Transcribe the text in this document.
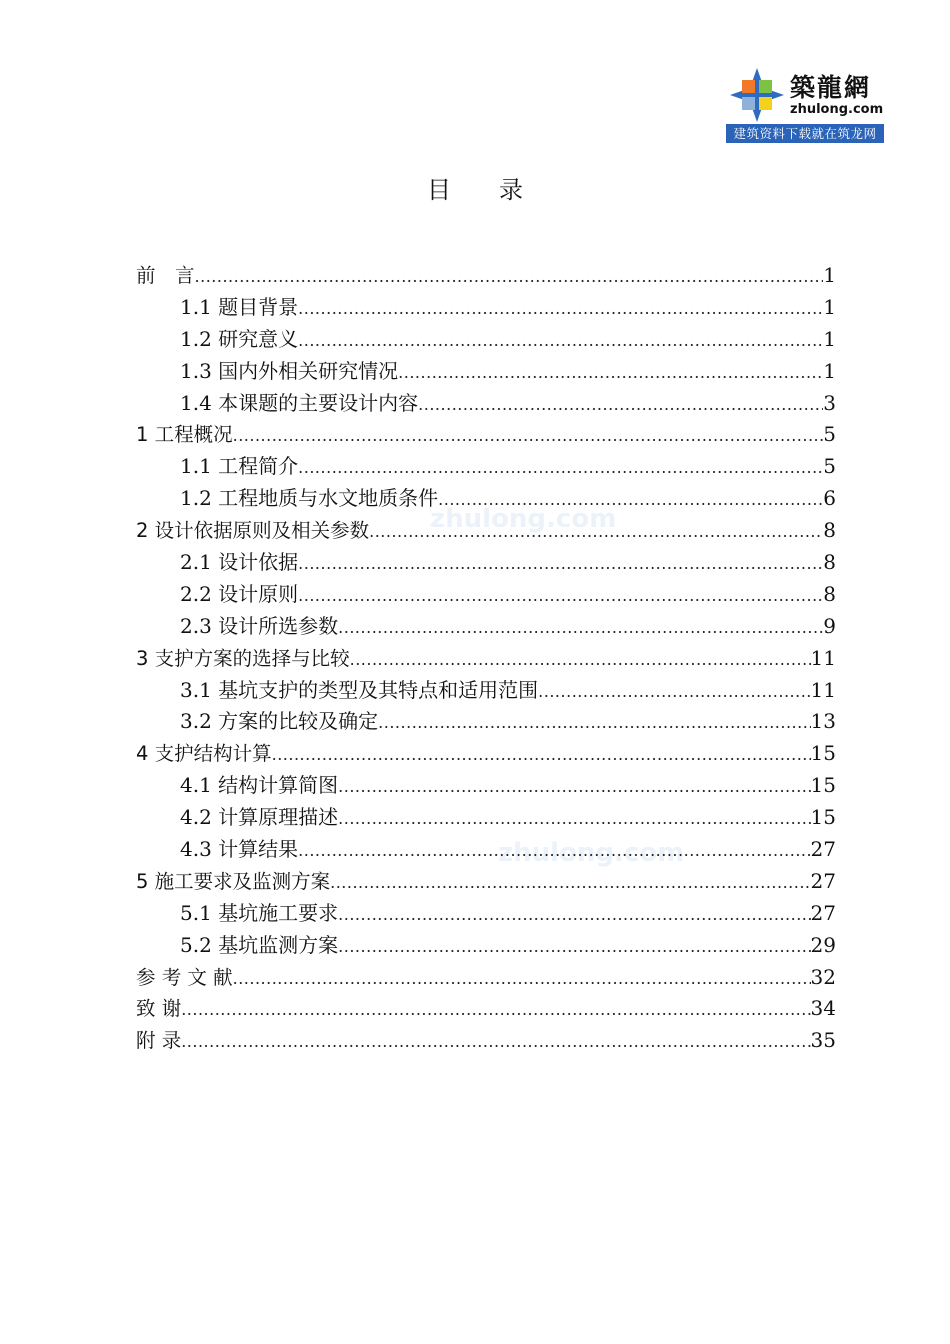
築龍網
zhulong.com
建筑资料下载就在筑龙网
zhulong.com
zhulong.com
目　　录
前　言 .....	1
1.1 题目背景 .....	1
1.2 研究意义 .....	1
1.3 国内外相关研究情况 .....	1
1.4 本课题的主要设计内容 .....	3
1 工程概况 .....	5
1.1 工程简介 .....	5
1.2 工程地质与水文地质条件 .....	6
2 设计依据原则及相关参数 .....	8
2.1 设计依据 .....	8
2.2 设计原则 .....	8
2.3 设计所选参数 .....	9
3 支护方案的选择与比较 .....	11
3.1 基坑支护的类型及其特点和适用范围 .....	11
3.2 方案的比较及确定 .....	13
4 支护结构计算 .....	15
4.1 结构计算简图 .....	15
4.2 计算原理描述 .....	15
4.3 计算结果 .....	27
5 施工要求及监测方案 .....	27
5.1 基坑施工要求 .....	27
5.2 基坑监测方案 .....	29
参 考 文 献 .....	32
致 谢 .....	34
附 录 .....	35
